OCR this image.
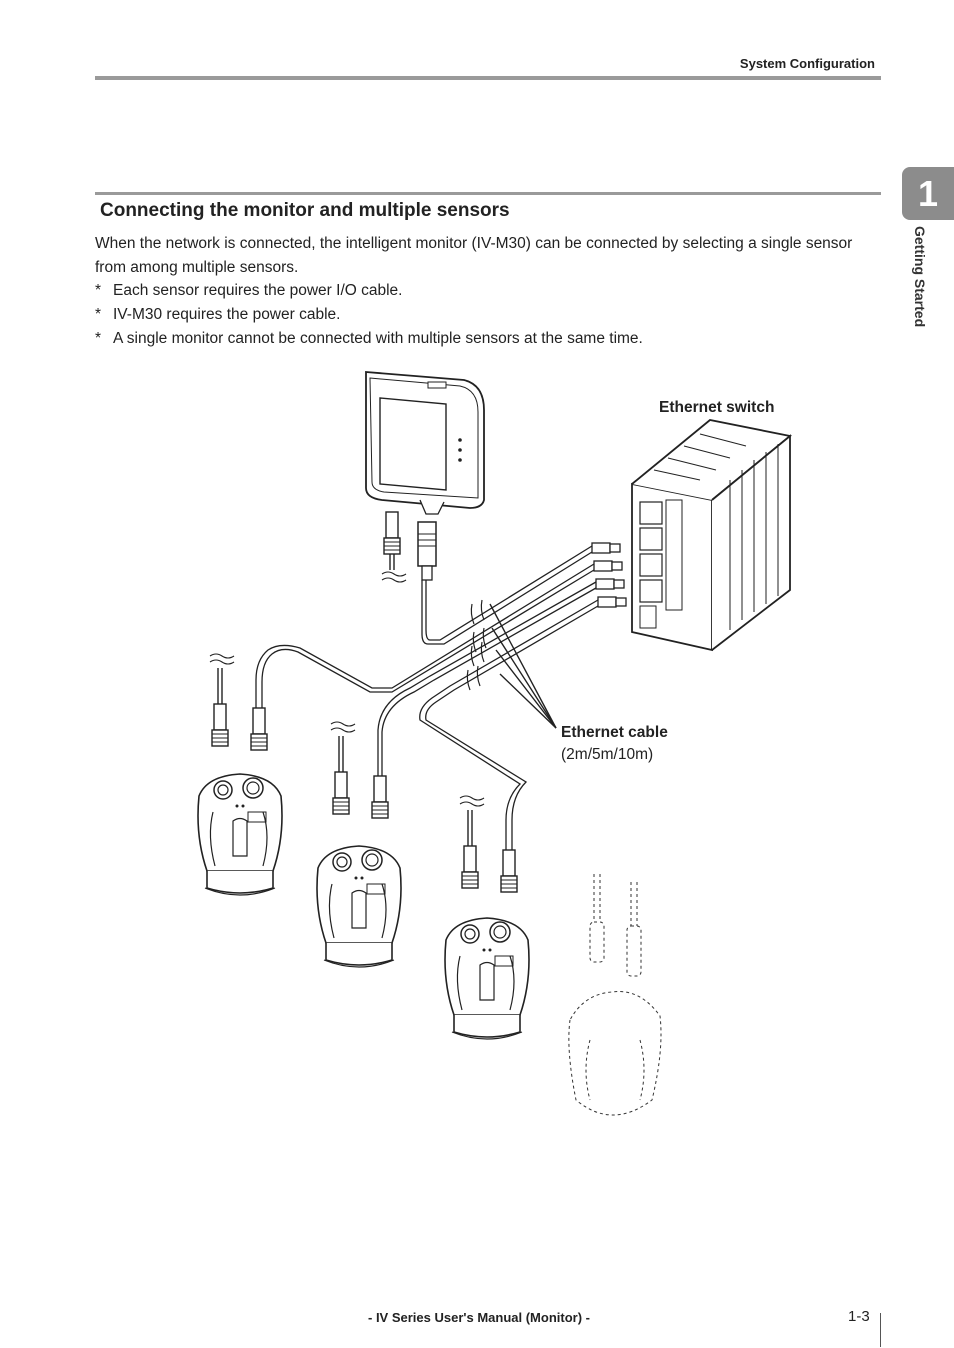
System Configuration
1
Getting Started
Connecting the monitor and multiple sensors
When the network is connected, the intelligent monitor (IV-M30) can be connected by selecting a single sensor from among multiple sensors.
* Each sensor requires the power I/O cable.
* IV-M30 requires the power cable.
* A single monitor cannot be connected with multiple sensors at the same time.
Ethernet switch
Ethernet cable
(2m/5m/10m)
- IV Series User's Manual (Monitor) -	1-3
